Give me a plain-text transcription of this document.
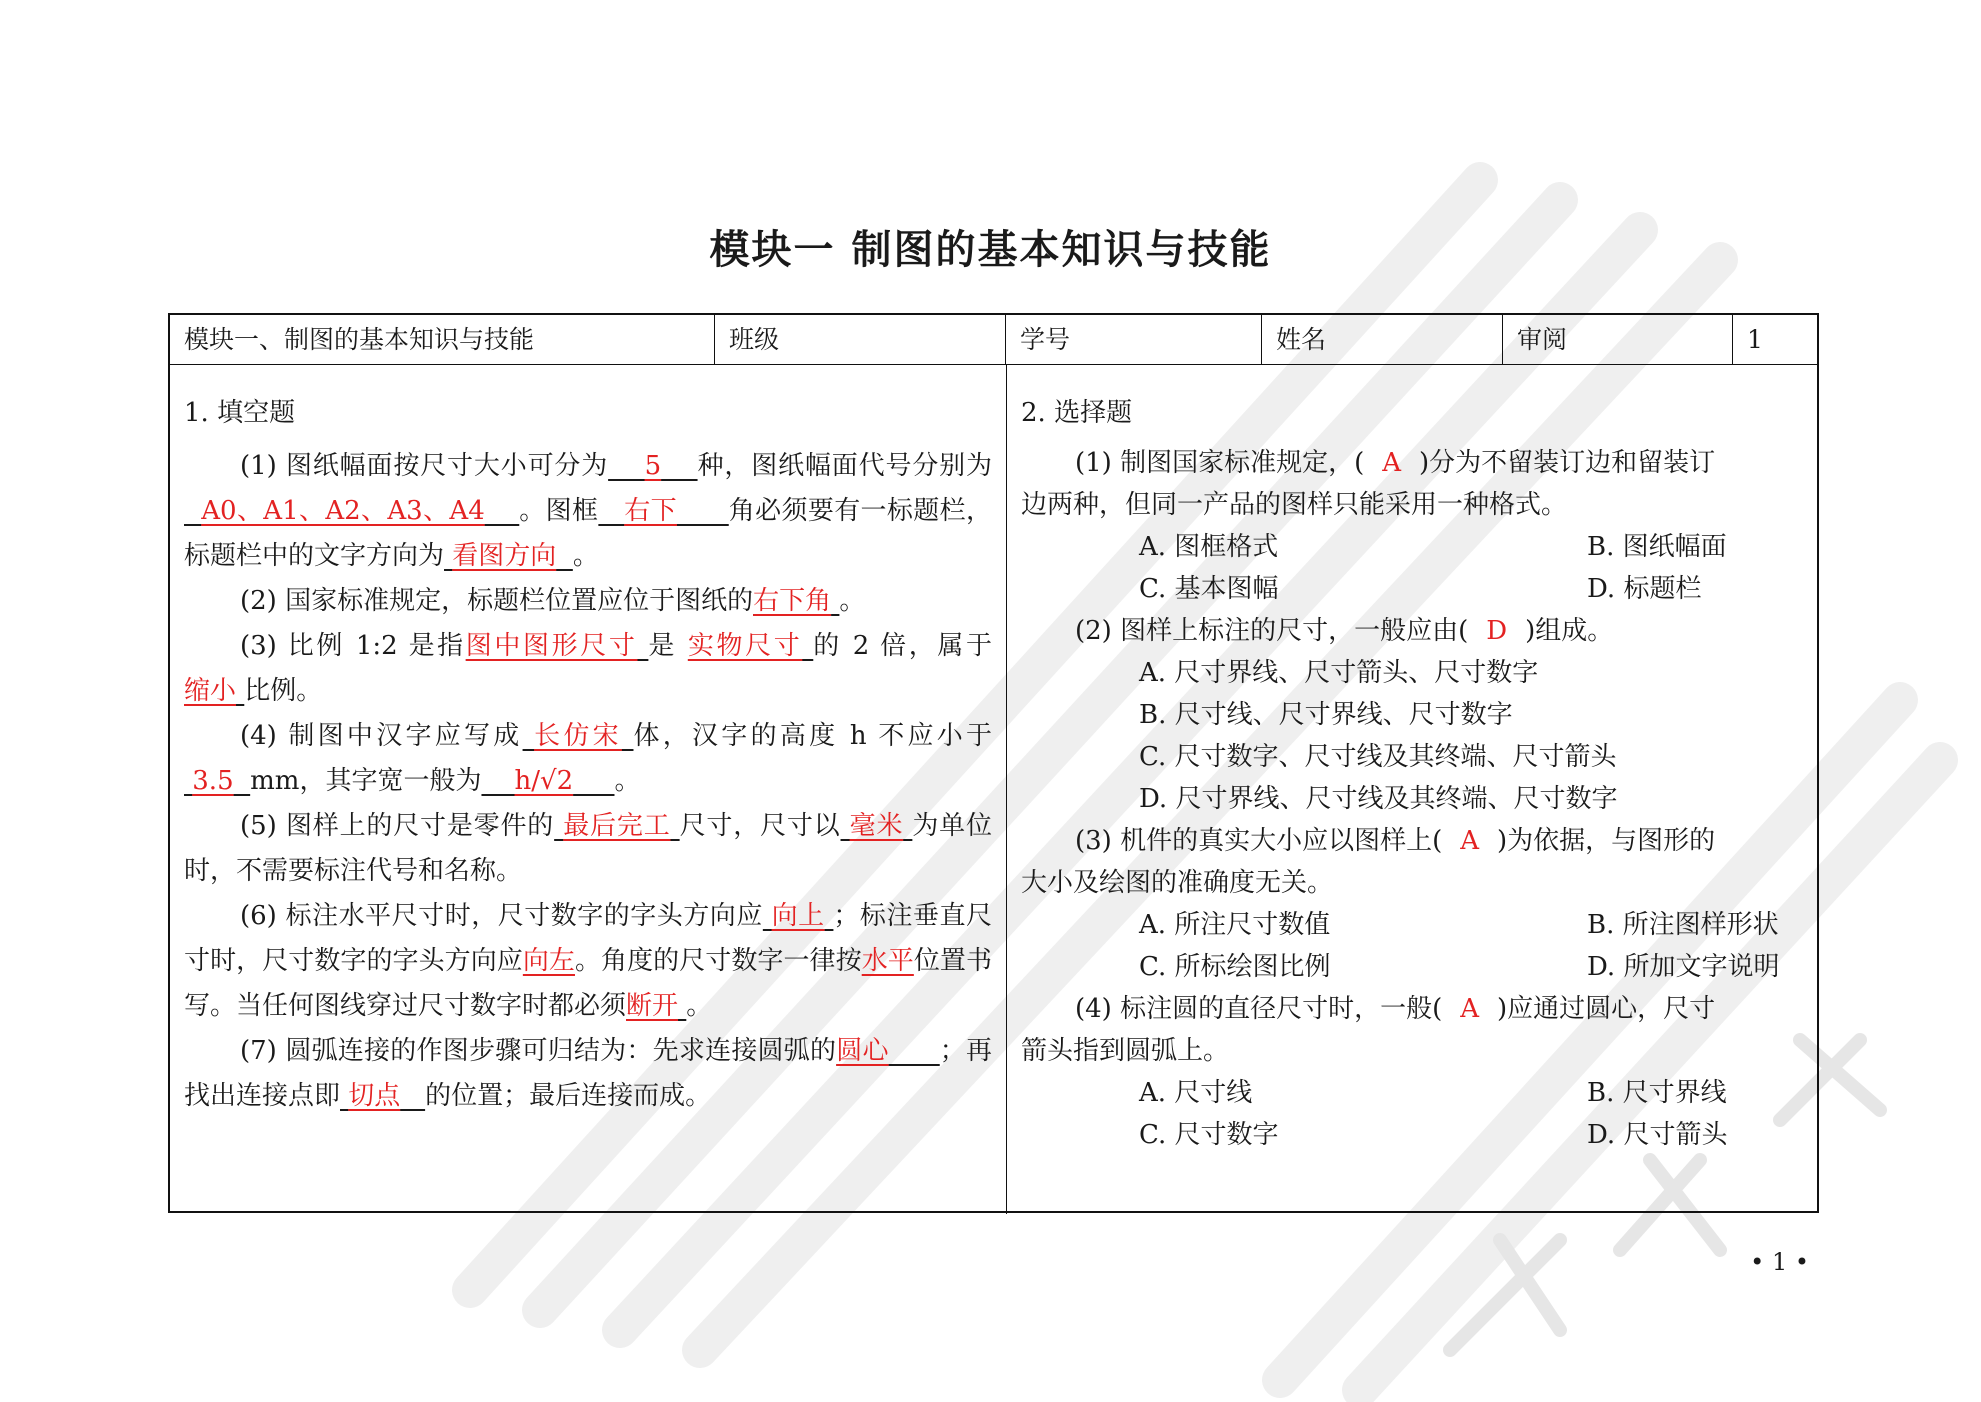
模块一 制图的基本知识与技能
模块一、制图的基本知识与技能	班级	学号	姓名	审阅	1
1. 填空题
(1) 图纸幅面按尺寸大小可分为 5 种，图纸幅面代号分别为  A0、A1、A2、A3、A4 。图框 右下 角必须要有一标题栏，标题栏中的文字方向为 看图方向 。
(2) 国家标准规定，标题栏位置应位于图纸的右下角 。
(3) 比例 1:2 是指图中图形尺寸 是 实物尺寸 的 2 倍，属于缩小 比例。
(4) 制图中汉字应写成 长仿宋 体，汉字的高度 h 不应小于 3.5 mm，其字宽一般为 h/√2 。
(5) 图样上的尺寸是零件的 最后完工 尺寸，尺寸以 毫米 为单位时，不需要标注代号和名称。
(6) 标注水平尺寸时，尺寸数字的字头方向应 向上 ；标注垂直尺寸时，尺寸数字的字头方向应向左。角度的尺寸数字一律按水平位置书写。当任何图线穿过尺寸数字时都必须断开 。
(7) 圆弧连接的作图步骤可归结为：先求连接圆弧的圆心 ；再找出连接点即 切点 的位置；最后连接而成。
2. 选择题
(1) 制图国家标准规定，( A )分为不留装订边和留装订
边两种，但同一产品的图样只能采用一种格式。
A. 图框格式	B. 图纸幅面
C. 基本图幅	D. 标题栏
(2) 图样上标注的尺寸，一般应由( D )组成。
A. 尺寸界线、尺寸箭头、尺寸数字
B. 尺寸线、尺寸界线、尺寸数字
C. 尺寸数字、尺寸线及其终端、尺寸箭头
D. 尺寸界线、尺寸线及其终端、尺寸数字
(3) 机件的真实大小应以图样上( A )为依据，与图形的
大小及绘图的准确度无关。
A. 所注尺寸数值	B. 所注图样形状
C. 所标绘图比例	D. 所加文字说明
(4) 标注圆的直径尺寸时，一般( A )应通过圆心，尺寸
箭头指到圆弧上。
A. 尺寸线	B. 尺寸界线
C. 尺寸数字	D. 尺寸箭头
• 1 •
